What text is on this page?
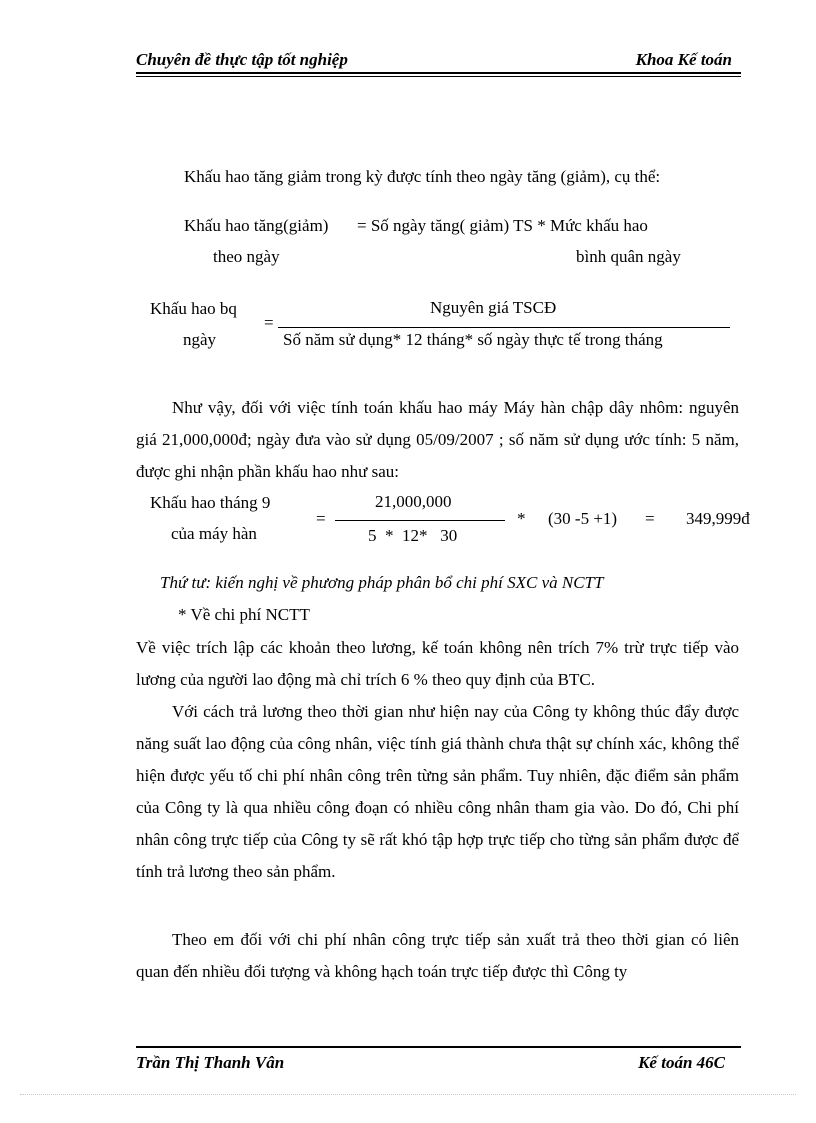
Chuyên đề thực tập tốt nghiệp	Khoa Kế toán
Khấu hao tăng giảm trong kỳ được tính theo ngày tăng (giảm), cụ thể:
Khấu hao tăng(giảm) = Số ngày tăng( giảm) TS * Mức khấu hao
theo ngày	bình quân ngày
Khấu hao bq
ngày
=
Nguyên giá TSCĐ
Số năm sử dụng* 12 tháng* số ngày thực tế trong tháng
Như vậy, đối với việc tính toán khấu hao máy Máy hàn chập dây nhôm: nguyên giá 21,000,000đ; ngày đưa vào sử dụng 05/09/2007 ; số năm sử dụng ước tính: 5 năm, được ghi nhận phần khấu hao như sau:
Khấu hao tháng 9
của máy hàn
=
21,000,000
5  *  12*   30
* (30 -5 +1) = 349,999đ
Thứ tư: kiến nghị về phương pháp phân bổ chi phí SXC và NCTT
* Về chi phí NCTT
Về việc trích lập các khoản theo lương, kế toán không nên trích 7% trừ trực tiếp vào lương của người lao động mà chỉ trích 6 % theo quy định của BTC.
Với cách trả lương theo thời gian như hiện nay của Công ty không thúc đẩy được năng suất lao động của công nhân, việc tính giá thành chưa thật sự chính xác, không thể hiện được yếu tố chi phí nhân công trên từng sản phẩm. Tuy nhiên, đặc điểm sản phẩm của Công ty là qua nhiều công đoạn có nhiều công nhân tham gia vào. Do đó, Chi phí nhân công trực tiếp của Công ty sẽ rất khó tập hợp trực tiếp cho từng sản phẩm được để tính trả lương theo sản phẩm.
Theo em đối với chi phí nhân công trực tiếp sản xuất trả theo thời gian có liên quan đến nhiều đối tượng và không hạch toán trực tiếp được thì Công ty
Trần Thị Thanh Vân	Kế toán 46C
